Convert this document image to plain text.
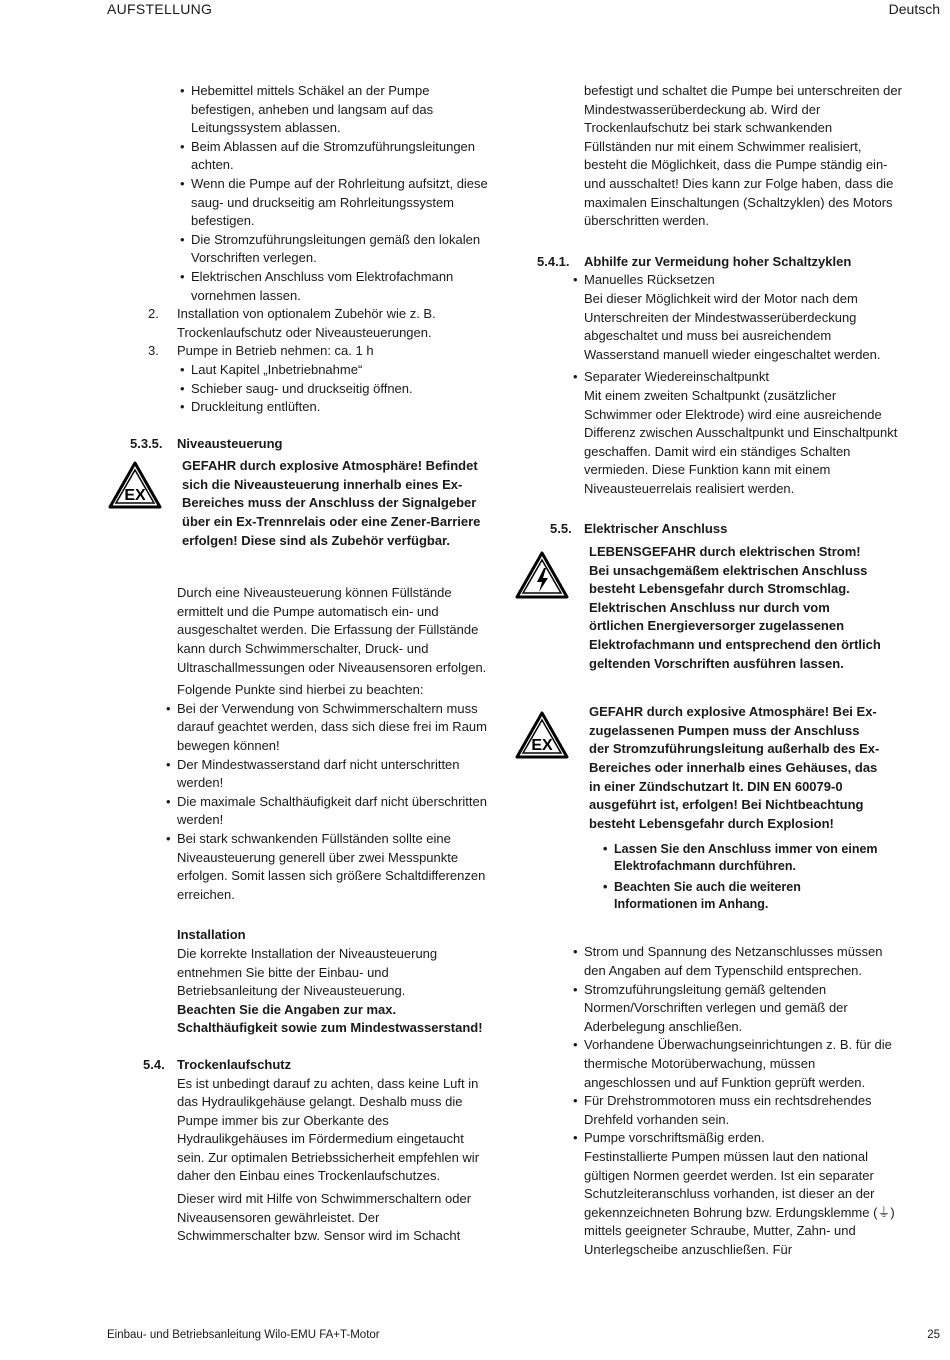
AUFSTELLUNG	Deutsch

• Hebemittel mittels Schäkel an der Pumpe befestigen, anheben und langsam auf das Leitungssystem ablassen.

• Beim Ablassen auf die Stromzuführungsleitungen achten.

• Wenn die Pumpe auf der Rohrleitung aufsitzt, diese saug- und druckseitig am Rohrleitungssystem befestigen.

• Die Stromzuführungsleitungen gemäß den lokalen Vorschriften verlegen.

• Elektrischen Anschluss vom Elektrofachmann vornehmen lassen.

2. Installation von optionalem Zubehör wie z. B. Trockenlaufschutz oder Niveausteuerungen.
3. Pumpe in Betrieb nehmen: ca. 1 h

• Laut Kapitel „Inbetriebnahme“

• Schieber saug- und druckseitig öffnen.

• Druckleitung entlüften.

5.3.5. Niveausteuerung
EX

GEFAHR durch explosive Atmosphäre! Befindet sich die Niveausteuerung innerhalb eines Ex-Bereiches muss der Anschluss der Signalgeber über ein Ex-Trennrelais oder eine Zener-Barriere erfolgen! Diese sind als Zubehör verfügbar.

Durch eine Niveausteuerung können Füllstände ermittelt und die Pumpe automatisch ein- und ausgeschaltet werden. Die Erfassung der Füllstände kann durch Schwimmerschalter, Druck- und Ultraschallmessungen oder Niveausensoren erfolgen.

Folgende Punkte sind hierbei zu beachten:

• Bei der Verwendung von Schwimmerschaltern muss darauf geachtet werden, dass sich diese frei im Raum bewegen können!

• Der Mindestwasserstand darf nicht unterschritten werden!

• Die maximale Schalthäufigkeit darf nicht überschritten werden!

• Bei stark schwankenden Füllständen sollte eine Niveausteuerung generell über zwei Messpunkte erfolgen. Somit lassen sich größere Schaltdifferenzen erreichen.

Installation

Die korrekte Installation der Niveausteuerung entnehmen Sie bitte der Einbau- und Betriebsanleitung der Niveausteuerung.

Beachten Sie die Angaben zur max. Schalthäufigkeit sowie zum Mindestwasserstand!

5.4. Trockenlaufschutz

Es ist unbedingt darauf zu achten, dass keine Luft in das Hydraulikgehäuse gelangt. Deshalb muss die Pumpe immer bis zur Oberkante des Hydraulikgehäuses im Fördermedium eingetaucht sein. Zur optimalen Betriebssicherheit empfehlen wir daher den Einbau eines Trockenlaufschutzes.

Dieser wird mit Hilfe von Schwimmerschaltern oder Niveausensoren gewährleistet. Der Schwimmerschalter bzw. Sensor wird im Schacht

befestigt und schaltet die Pumpe bei unterschreiten der Mindestwasserüberdeckung ab. Wird der Trockenlaufschutz bei stark schwankenden Füllständen nur mit einem Schwimmer realisiert, besteht die Möglichkeit, dass die Pumpe ständig ein- und ausschaltet! Dies kann zur Folge haben, dass die maximalen Einschaltungen (Schaltzyklen) des Motors überschritten werden.

5.4.1. Abhilfe zur Vermeidung hoher Schaltzyklen

• Manuelles Rücksetzen

Bei dieser Möglichkeit wird der Motor nach dem Unterschreiten der Mindestwasserüberdeckung abgeschaltet und muss bei ausreichendem Wasserstand manuell wieder eingeschaltet werden.

• Separater Wiedereinschaltpunkt

Mit einem zweiten Schaltpunkt (zusätzlicher Schwimmer oder Elektrode) wird eine ausreichende Differenz zwischen Ausschaltpunkt und Einschaltpunkt geschaffen. Damit wird ein ständiges Schalten vermieden. Diese Funktion kann mit einem Niveausteuerrelais realisiert werden.

5.5. Elektrischer Anschluss

LEBENSGEFAHR durch elektrischen Strom! Bei unsachgemäßem elektrischen Anschluss besteht Lebensgefahr durch Stromschlag. Elektrischen Anschluss nur durch vom örtlichen Energieversorger zugelassenen Elektrofachmann und entsprechend den örtlich geltenden Vorschriften ausführen lassen.

EX

GEFAHR durch explosive Atmosphäre! Bei Ex-zugelassenen Pumpen muss der Anschluss der Stromzuführungsleitung außerhalb des Ex-Bereiches oder innerhalb eines Gehäuses, das in einer Zündschutzart lt. DIN EN 60079-0 ausgeführt ist, erfolgen! Bei Nichtbeachtung besteht Lebensgefahr durch Explosion!

• Lassen Sie den Anschluss immer von einem Elektrofachmann durchführen.

• Beachten Sie auch die weiteren Informationen im Anhang.

• Strom und Spannung des Netzanschlusses müssen den Angaben auf dem Typenschild entsprechen.

• Stromzuführungsleitung gemäß geltenden Normen/Vorschriften verlegen und gemäß der Aderbelegung anschließen.

• Vorhandene Überwachungseinrichtungen z. B. für die thermische Motorüberwachung, müssen angeschlossen und auf Funktion geprüft werden.

• Für Drehstrommotoren muss ein rechtsdrehendes Drehfeld vorhanden sein.

• Pumpe vorschriftsmäßig erden.

Festinstallierte Pumpen müssen laut den national gültigen Normen geerdet werden. Ist ein separater Schutzleiteranschluss vorhanden, ist dieser an der gekennzeichneten Bohrung bzw. Erdungsklemme (⏚) mittels geeigneter Schraube, Mutter, Zahn- und Unterlegscheibe anzuschließen. Für

Einbau- und Betriebsanleitung Wilo-EMU FA+T-Motor	25
